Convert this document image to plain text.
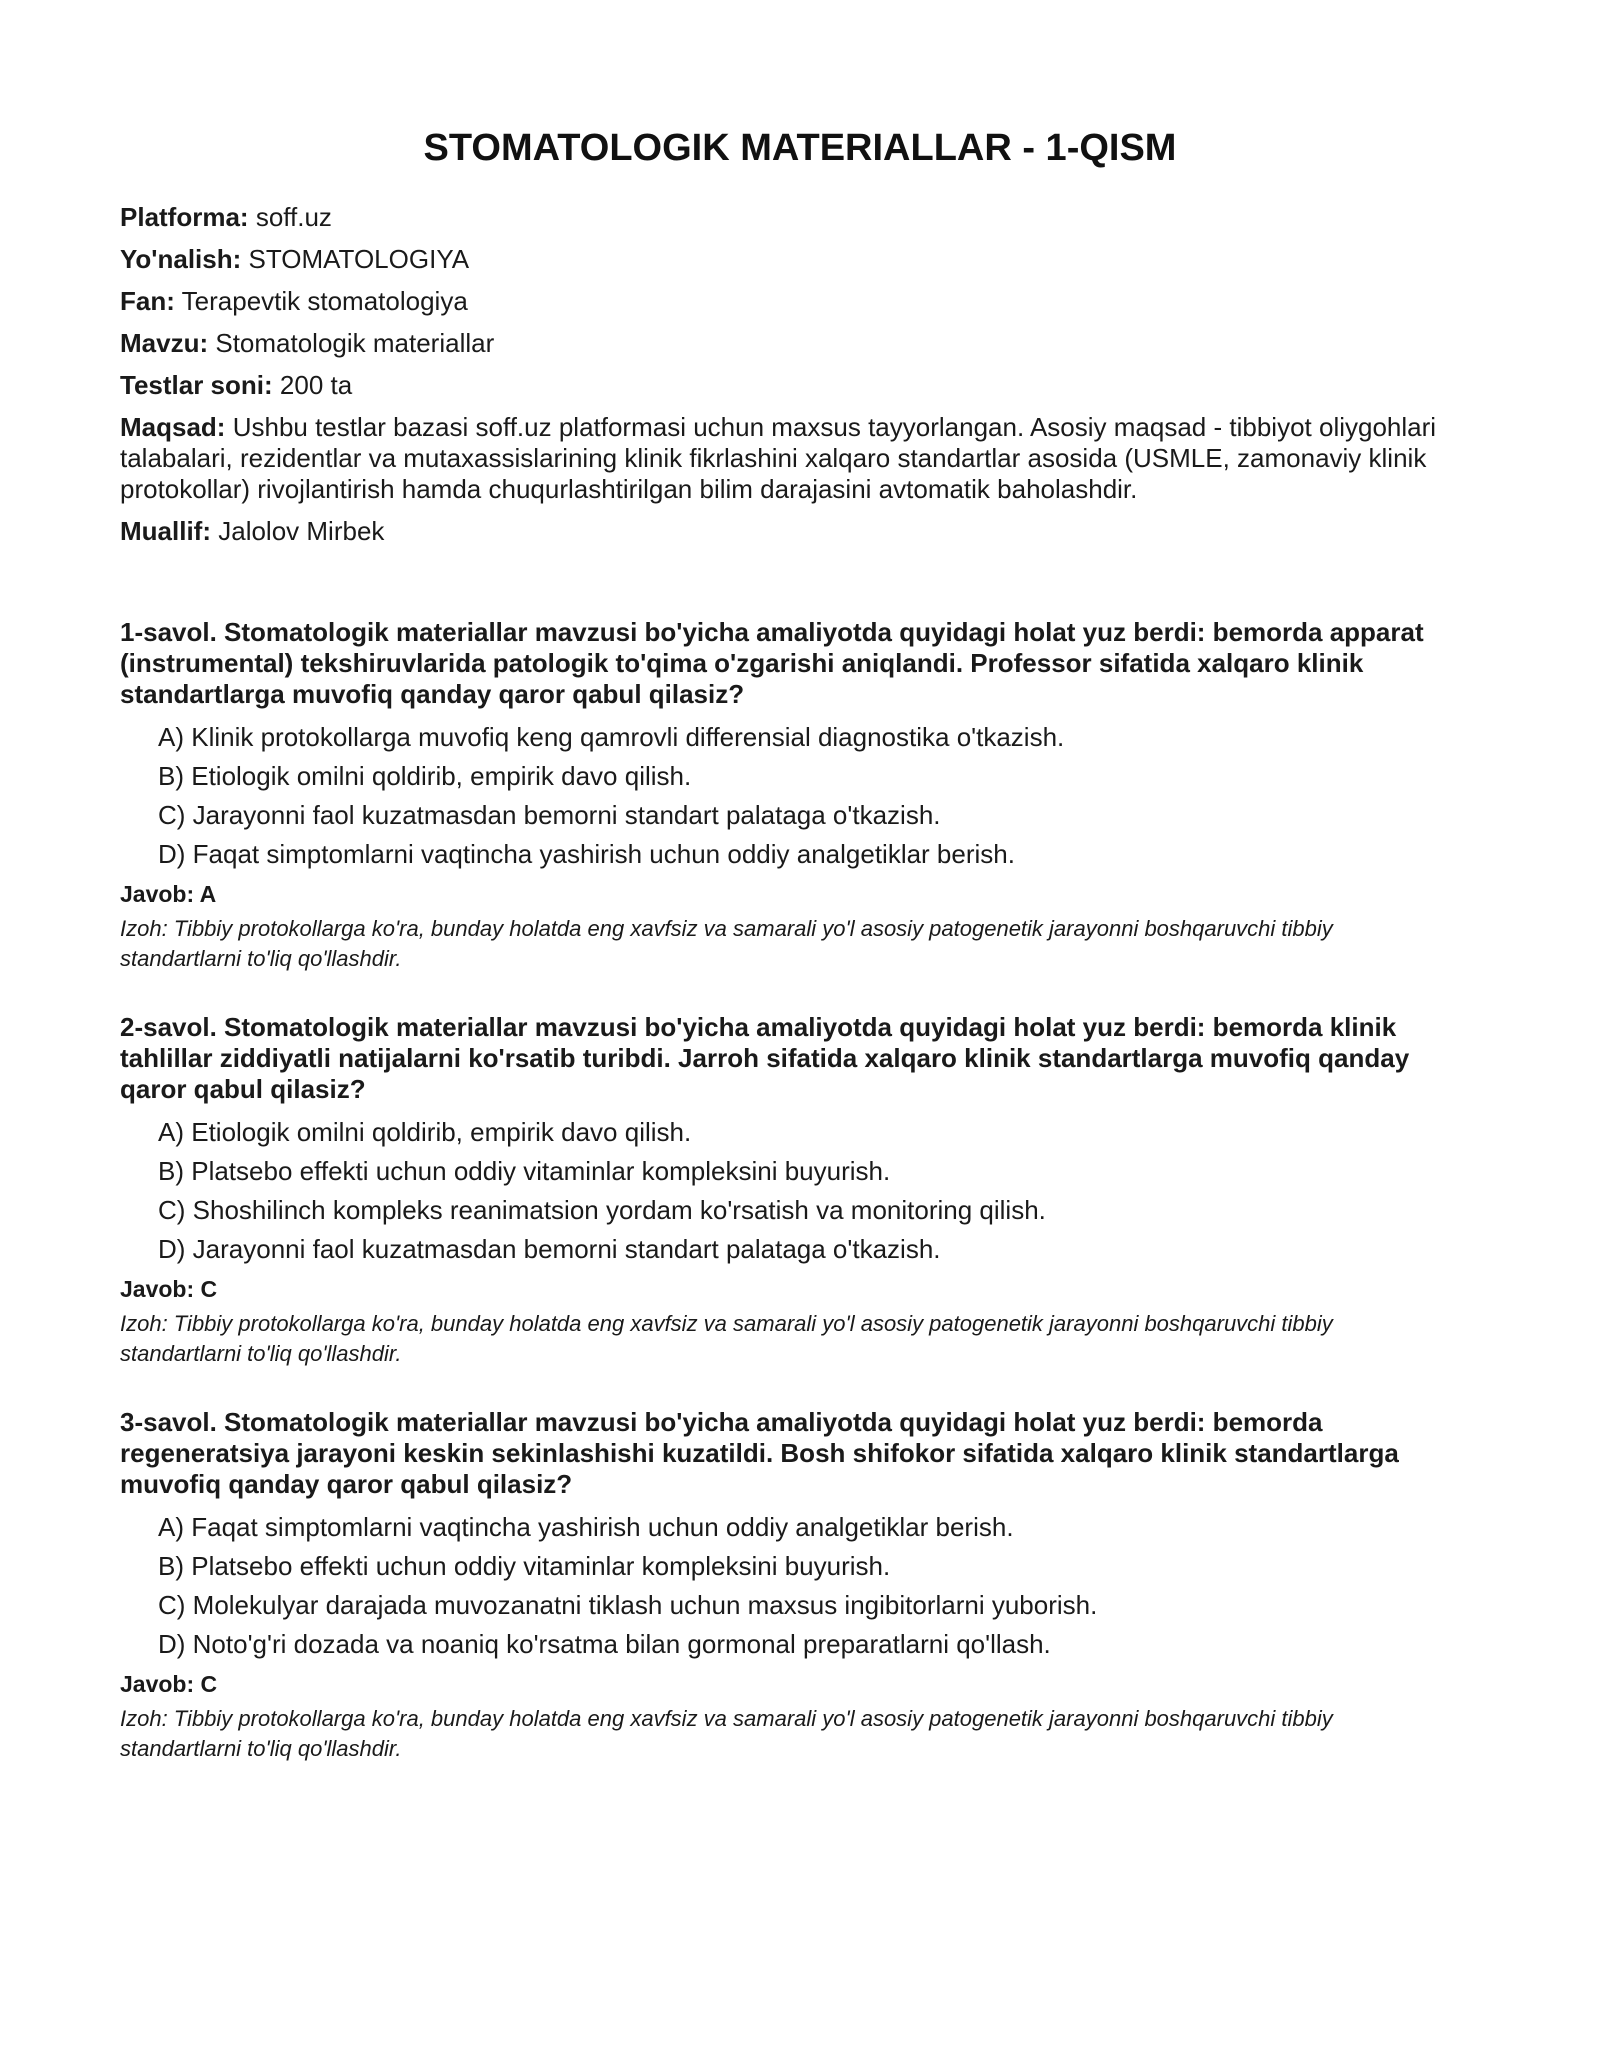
STOMATOLOGIK MATERIALLAR - 1-QISM
Platforma: soff.uz
Yo'nalish: STOMATOLOGIYA
Fan: Terapevtik stomatologiya
Mavzu: Stomatologik materiallar
Testlar soni: 200 ta
Maqsad: Ushbu testlar bazasi soff.uz platformasi uchun maxsus tayyorlangan. Asosiy maqsad - tibbiyot oliygohlari talabalari, rezidentlar va mutaxassislarining klinik fikrlashini xalqaro standartlar asosida (USMLE, zamonaviy klinik protokollar) rivojlantirish hamda chuqurlashtirilgan bilim darajasini avtomatik baholashdir.
Muallif: Jalolov Mirbek

1-savol. Stomatologik materiallar mavzusi bo'yicha amaliyotda quyidagi holat yuz berdi: bemorda apparat (instrumental) tekshiruvlarida patologik to'qima o'zgarishi aniqlandi. Professor sifatida xalqaro klinik standartlarga muvofiq qanday qaror qabul qilasiz?

A) Klinik protokollarga muvofiq keng qamrovli differensial diagnostika o'tkazish.
B) Etiologik omilni qoldirib, empirik davo qilish.
C) Jarayonni faol kuzatmasdan bemorni standart palataga o'tkazish.
D) Faqat simptomlarni vaqtincha yashirish uchun oddiy analgetiklar berish.
Javob: A

Izoh: Tibbiy protokollarga ko'ra, bunday holatda eng xavfsiz va samarali yo'l asosiy patogenetik jarayonni boshqaruvchi tibbiy standartlarni to'liq qo'llashdir.

2-savol. Stomatologik materiallar mavzusi bo'yicha amaliyotda quyidagi holat yuz berdi: bemorda klinik tahlillar ziddiyatli natijalarni ko'rsatib turibdi. Jarroh sifatida xalqaro klinik standartlarga muvofiq qanday qaror qabul qilasiz?

A) Etiologik omilni qoldirib, empirik davo qilish.
B) Platsebo effekti uchun oddiy vitaminlar kompleksini buyurish.
C) Shoshilinch kompleks reanimatsion yordam ko'rsatish va monitoring qilish.
D) Jarayonni faol kuzatmasdan bemorni standart palataga o'tkazish.
Javob: C

Izoh: Tibbiy protokollarga ko'ra, bunday holatda eng xavfsiz va samarali yo'l asosiy patogenetik jarayonni boshqaruvchi tibbiy standartlarni to'liq qo'llashdir.

3-savol. Stomatologik materiallar mavzusi bo'yicha amaliyotda quyidagi holat yuz berdi: bemorda regeneratsiya jarayoni keskin sekinlashishi kuzatildi. Bosh shifokor sifatida xalqaro klinik standartlarga muvofiq qanday qaror qabul qilasiz?

A) Faqat simptomlarni vaqtincha yashirish uchun oddiy analgetiklar berish.
B) Platsebo effekti uchun oddiy vitaminlar kompleksini buyurish.
C) Molekulyar darajada muvozanatni tiklash uchun maxsus ingibitorlarni yuborish.
D) Noto'g'ri dozada va noaniq ko'rsatma bilan gormonal preparatlarni qo'llash.
Javob: C

Izoh: Tibbiy protokollarga ko'ra, bunday holatda eng xavfsiz va samarali yo'l asosiy patogenetik jarayonni boshqaruvchi tibbiy standartlarni to'liq qo'llashdir.
